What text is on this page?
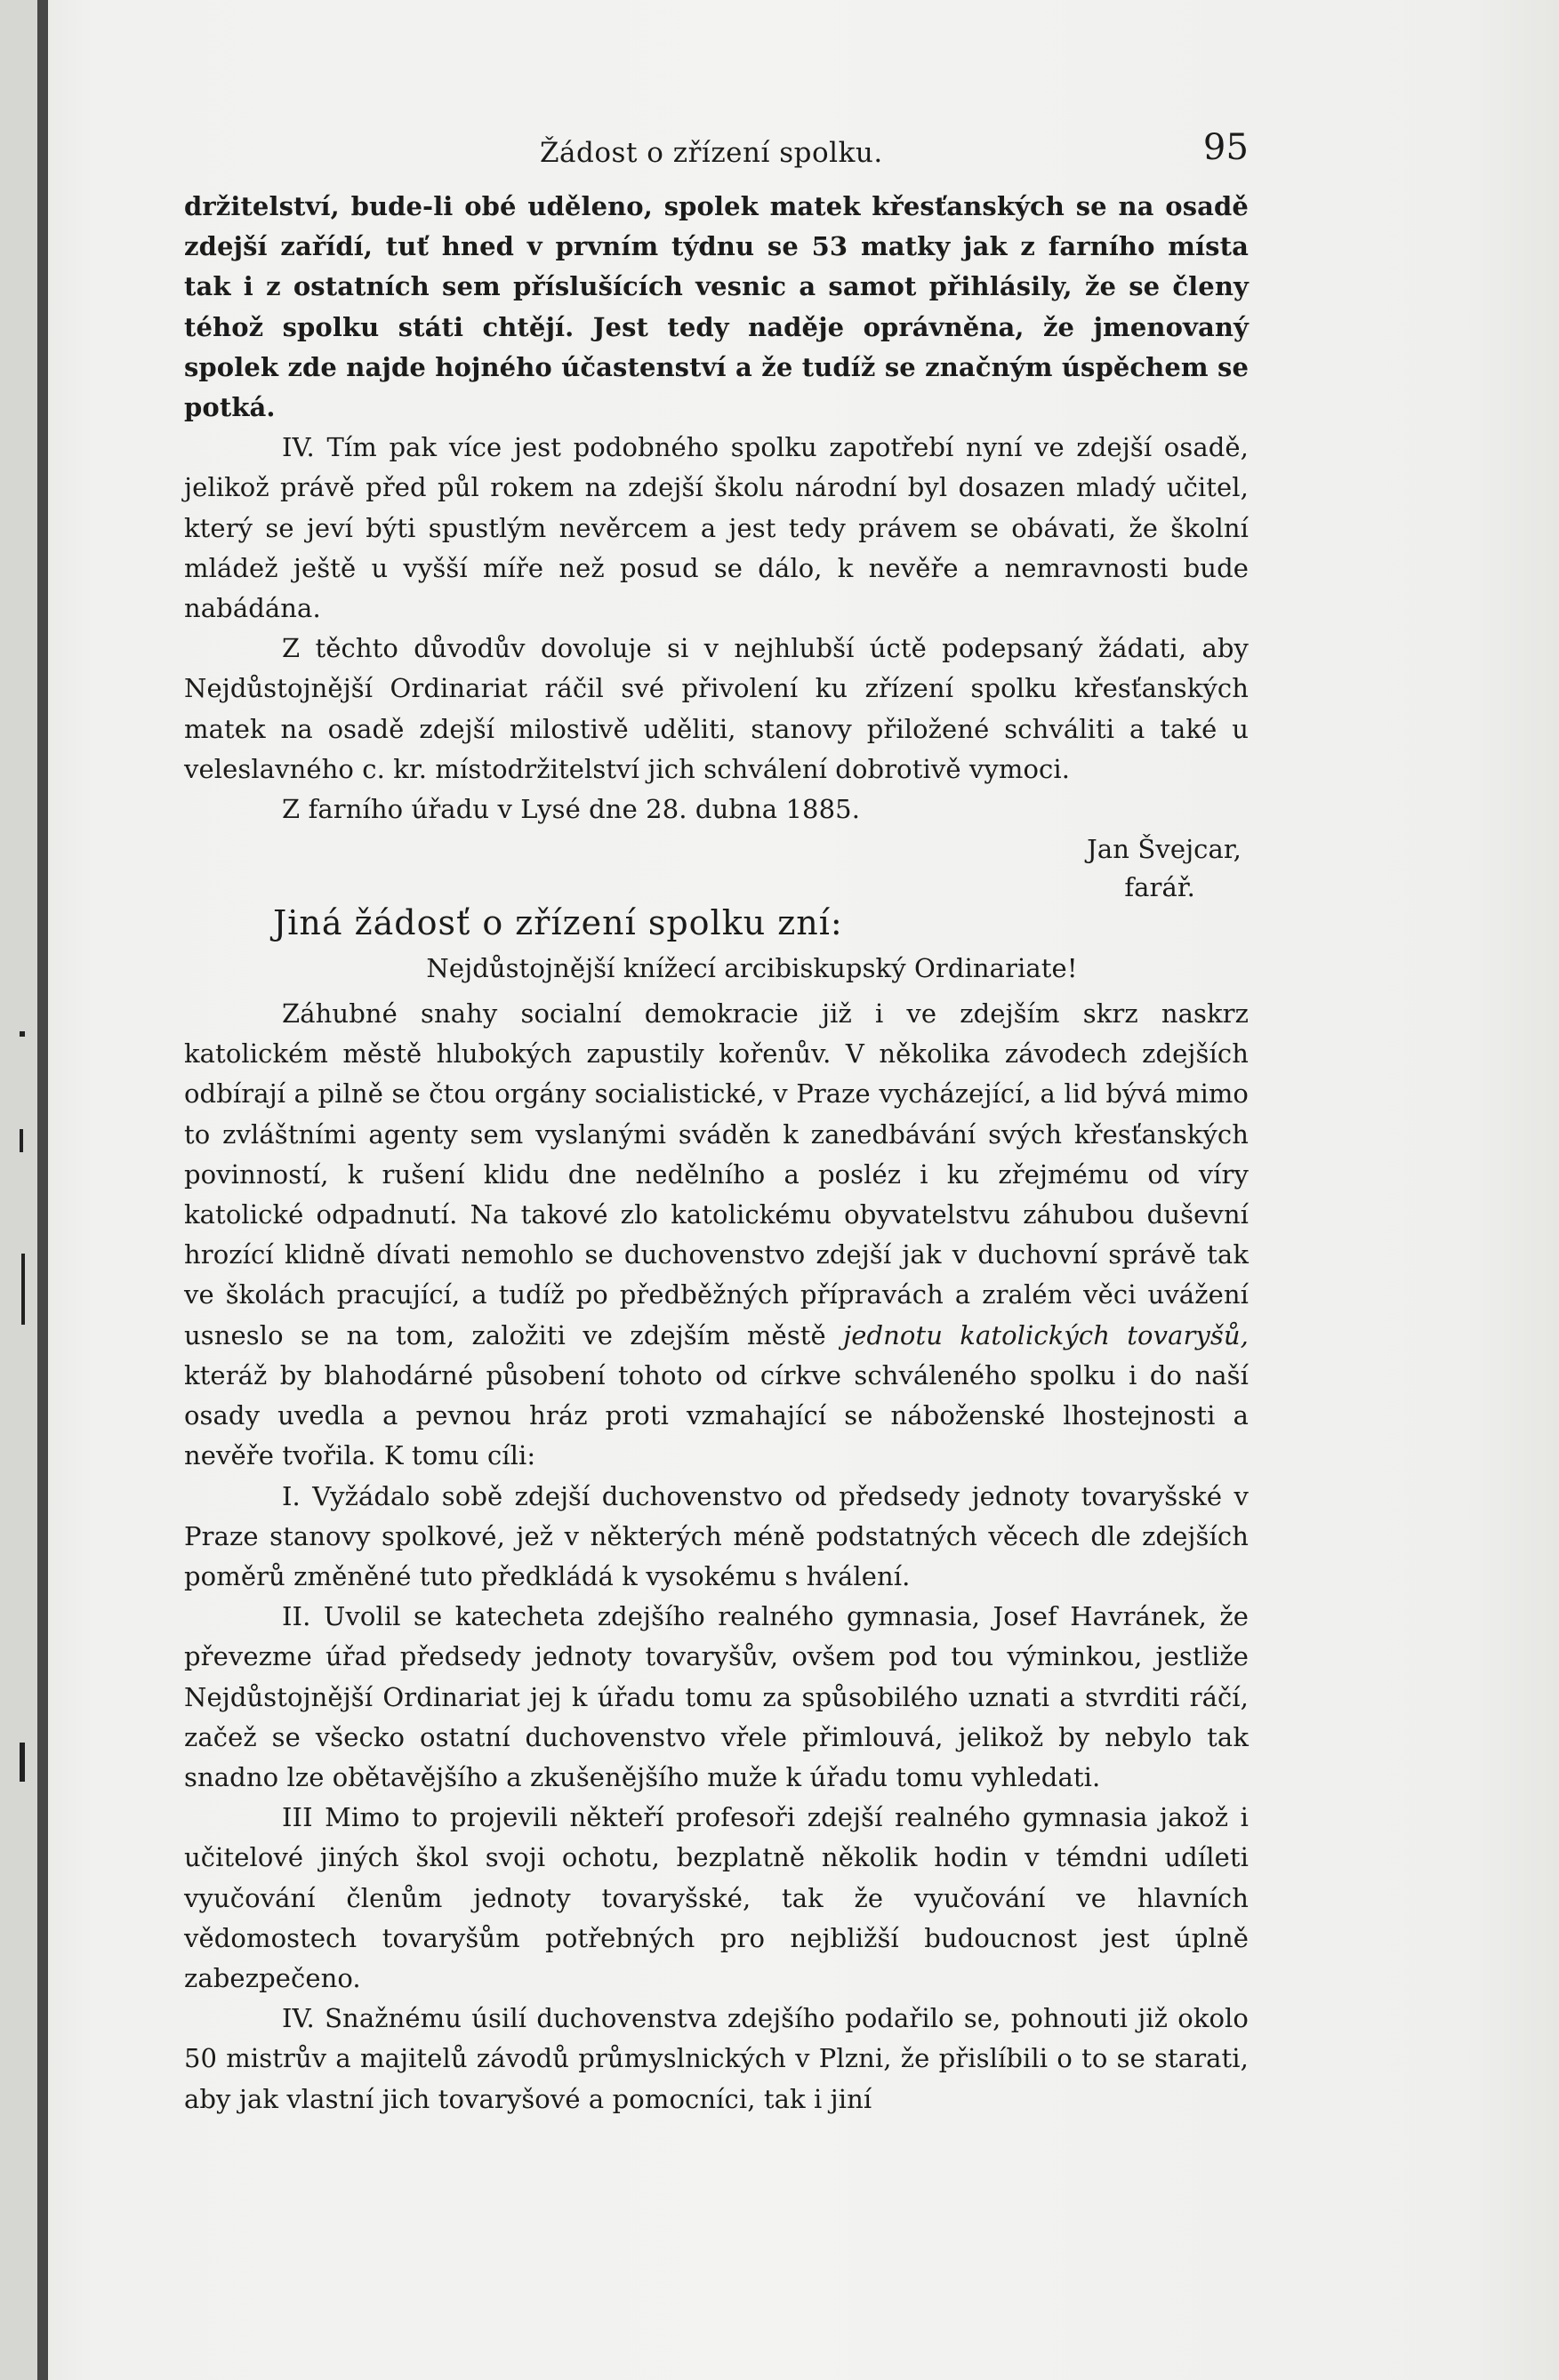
Žádost o zřízení spolku.	95

držitelství, bude-li obé uděleno, spolek matek křesťanských se na osadě zdejší zařídí, tuť hned v prvním týdnu se 53 matky jak z farního místa tak i z ostatních sem příslušících vesnic a samot přihlásily, že se členy téhož spolku státi chtějí. Jest tedy naděje oprávněna, že jmenovaný spolek zde najde hojného účastenství a že tudíž se značným úspěchem se potká.

IV. Tím pak více jest podobného spolku zapotřebí nyní ve zdejší osadě, jelikož právě před půl rokem na zdejší školu národní byl dosazen mladý učitel, který se jeví býti spustlým nevěrcem a jest tedy právem se obávati, že školní mládež ještě u vyšší míře než posud se dálo, k nevěře a nemravnosti bude nabádána.

Z těchto důvodův dovoluje si v nejhlubší úctě podepsaný žádati, aby Nejdůstojnější Ordinariat ráčil své přivolení ku zřízení spolku křesťanských matek na osadě zdejší milostivě uděliti, stanovy přiložené schváliti a také u veleslavného c. kr. místodržitelství jich schválení dobrotivě vymoci.

Z farního úřadu v Lysé dne 28. dubna 1885.

Jan Švejcar,
farář.
Jiná žádosť o zřízení spolku zní:
Nejdůstojnější knížecí arcibiskupský Ordinariate!

Záhubné snahy socialní demokracie již i ve zdejším skrz naskrz katolickém městě hlubokých zapustily kořenův. V několika závodech zdejších odbírají a pilně se čtou orgány socialistické, v Praze vycházející, a lid bývá mimo to zvláštními agenty sem vyslanými sváděn k zanedbávání svých křesťanských povinností, k rušení klidu dne nedělního a posléz i ku zřejmému od víry katolické odpadnutí. Na takové zlo katolickému obyvatelstvu záhubou duševní hrozící klidně dívati nemohlo se duchovenstvo zdejší jak v duchovní správě tak ve školách pracující, a tudíž po předběžných přípravách a zralém věci uvážení usneslo se na tom, založiti ve zdejším městě jednotu katolických tovaryšů, kteráž by blahodárné působení tohoto od církve schváleného spolku i do naší osady uvedla a pevnou hráz proti vzmahající se náboženské lhostejnosti a nevěře tvořila. K tomu cíli:

I. Vyžádalo sobě zdejší duchovenstvo od předsedy jednoty tovaryšské v Praze stanovy spolkové, jež v některých méně podstatných věcech dle zdejších poměrů změněné tuto předkládá k vysokému s hválení.

II. Uvolil se katecheta zdejšího realného gymnasia, Josef Havránek, že převezme úřad předsedy jednoty tovaryšův, ovšem pod tou výminkou, jestliže Nejdůstojnější Ordinariat jej k úřadu tomu za spůsobilého uznati a stvrditi ráčí, začež se všecko ostatní duchovenstvo vřele přimlouvá, jelikož by nebylo tak snadno lze obětavějšího a zkušenějšího muže k úřadu tomu vyhledati.

III Mimo to projevili někteří profesoři zdejší realného gymnasia jakož i učitelové jiných škol svoji ochotu, bezplatně několik hodin v témdni udíleti vyučování členům jednoty tovaryšské, tak že vyučování ve hlavních vědomostech tovaryšům potřebných pro nejbližší budoucnost jest úplně zabezpečeno.

IV. Snažnému úsilí duchovenstva zdejšího podařilo se, pohnouti již okolo 50 mistrův a majitelů závodů průmyslnických v Plzni, že přislíbili o to se starati, aby jak vlastní jich tovaryšové a pomocníci, tak i jiní
